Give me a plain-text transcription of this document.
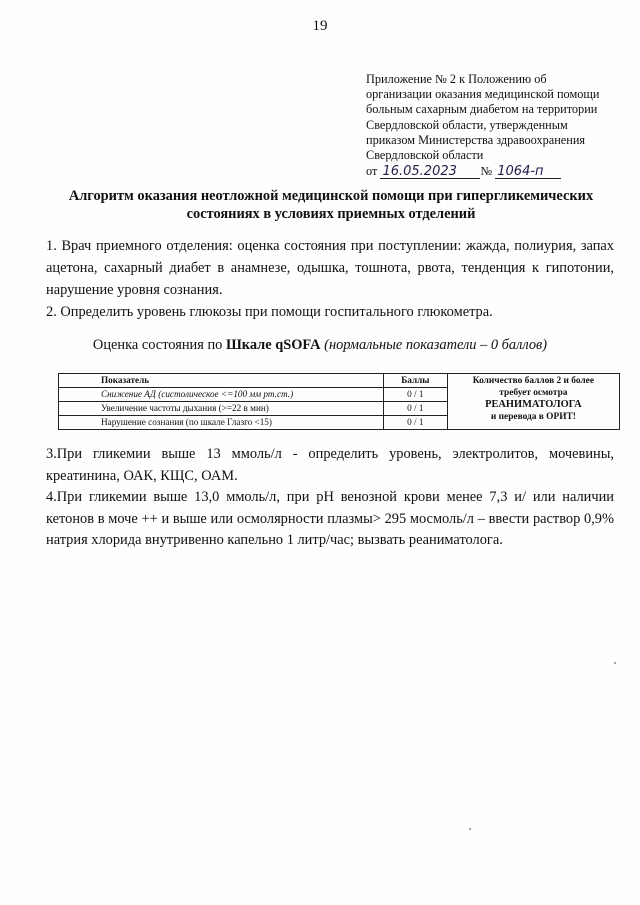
19
Приложение № 2 к Положению об
организации оказания медицинской помощи
больным сахарным диабетом на территории
Свердловской области, утвержденным
приказом Министерства здравоохранения
Свердловской области
от 16.05.2023 № 1064-п
Алгоритм оказания неотложной медицинской помощи при гипергликемических
состояниях в условиях приемных отделений

1. Врач приемного отделения: оценка состояния при поступлении: жажда, полиурия, запах ацетона, сахарный диабет в анамнезе, одышка, тошнота, рвота, тенденция к гипотонии, нарушение уровня сознания.

2. Определить уровень глюкозы при помощи госпитального глюкометра.

Оценка состояния по Шкале qSOFA (нормальные показатели – 0 баллов)
Показатель	Баллы	Количество баллов 2 и более
требует осмотра
РЕАНИМАТОЛОГА
и перевода в ОРИТ!

Снижение АД (систолическое <=100 мм рт.ст.)	0 / 1	
Увеличение частоты дыхания (>=22 в мин)	0 / 1	
Нарушение сознания (по шкале Глазго <15)	0 / 1	

3.При гликемии выше 13 ммоль/л - определить уровень, электролитов, мочевины, креатинина, ОАК, КЩС, ОАМ.

4.При гликемии выше 13,0 ммоль/л, при pH венозной крови менее 7,3 и/ или наличии кетонов в моче ++ и выше или осмолярности плазмы> 295 мосмоль/л – ввести раствор 0,9% натрия хлорида внутривенно капельно 1 литр/час; вызвать реаниматолога.
